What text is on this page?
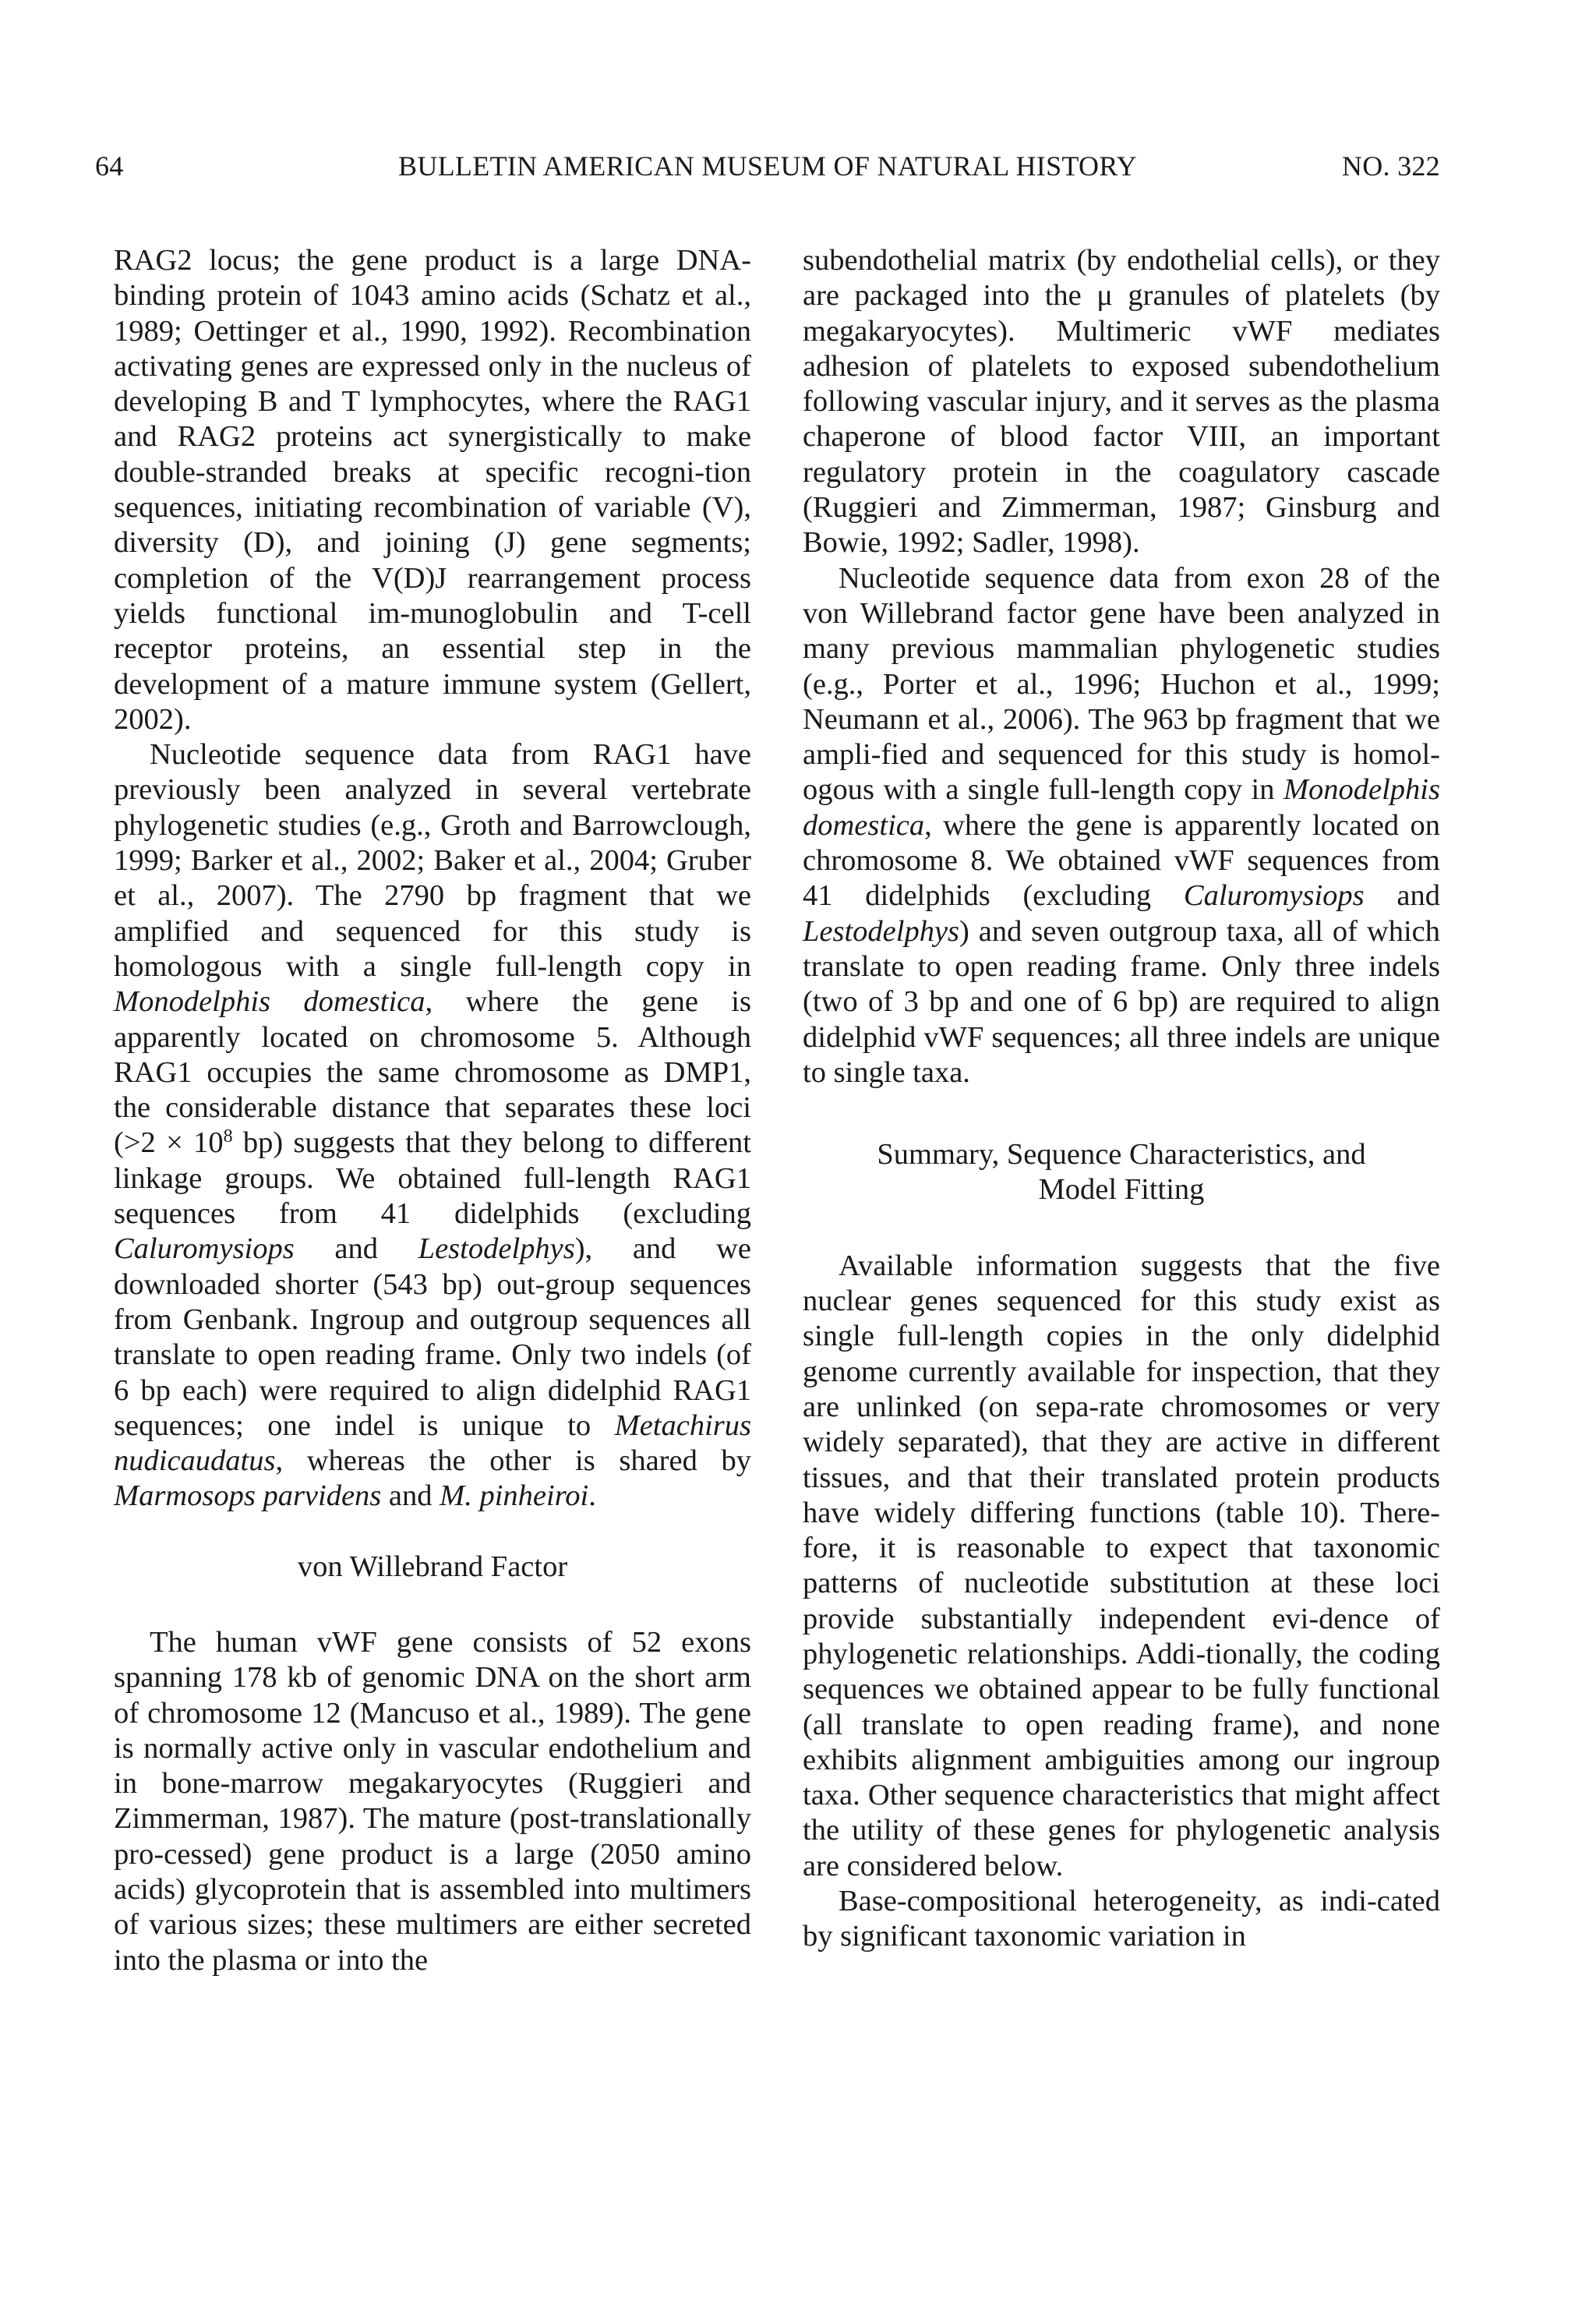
64	BULLETIN AMERICAN MUSEUM OF NATURAL HISTORY	NO. 322

RAG2 locus; the gene product is a large DNA-binding protein of 1043 amino acids (Schatz et al., 1989; Oettinger et al., 1990, 1992). Recombination activating genes are expressed only in the nucleus of developing B and T lymphocytes, where the RAG1 and RAG2 proteins act synergistically to make double-stranded breaks at specific recogni-tion sequences, initiating recombination of variable (V), diversity (D), and joining (J) gene segments; completion of the V(D)J rearrangement process yields functional im-munoglobulin and T-cell receptor proteins, an essential step in the development of a mature immune system (Gellert, 2002).

Nucleotide sequence data from RAG1 have previously been analyzed in several vertebrate phylogenetic studies (e.g., Groth and Barrowclough, 1999; Barker et al., 2002; Baker et al., 2004; Gruber et al., 2007). The 2790 bp fragment that we amplified and sequenced for this study is homologous with a single full-length copy in Monodelphis domestica, where the gene is apparently located on chromosome 5. Although RAG1 occupies the same chromosome as DMP1, the considerable distance that separates these loci ($>2 \times 10^8$ bp) suggests that they belong to different linkage groups. We obtained full-length RAG1 sequences from 41 didelphids (excluding Caluromysiops and Lestodelphys), and we downloaded shorter (543 bp) out-group sequences from Genbank. Ingroup and outgroup sequences all translate to open reading frame. Only two indels (of 6 bp each) were required to align didelphid RAG1 sequences; one indel is unique to Metachirus nudicaudatus, whereas the other is shared by Marmosops parvidens and M. pinheiroi.

von Willebrand Factor

The human vWF gene consists of 52 exons spanning 178 kb of genomic DNA on the short arm of chromosome 12 (Mancuso et al., 1989). The gene is normally active only in vascular endothelium and in bone-marrow megakaryocytes (Ruggieri and Zimmerman, 1987). The mature (post-translationally pro-cessed) gene product is a large (2050 amino acids) glycoprotein that is assembled into multimers of various sizes; these multimers are either secreted into the plasma or into the

subendothelial matrix (by endothelial cells), or they are packaged into the μ granules of platelets (by megakaryocytes). Multimeric vWF mediates adhesion of platelets to exposed subendothelium following vascular injury, and it serves as the plasma chaperone of blood factor VIII, an important regulatory protein in the coagulatory cascade (Ruggieri and Zimmerman, 1987; Ginsburg and Bowie, 1992; Sadler, 1998).

Nucleotide sequence data from exon 28 of the von Willebrand factor gene have been analyzed in many previous mammalian phylogenetic studies (e.g., Porter et al., 1996; Huchon et al., 1999; Neumann et al., 2006). The 963 bp fragment that we ampli-fied and sequenced for this study is homol-ogous with a single full-length copy in Monodelphis domestica, where the gene is apparently located on chromosome 8. We obtained vWF sequences from 41 didelphids (excluding Caluromysiops and Lestodelphys) and seven outgroup taxa, all of which translate to open reading frame. Only three indels (two of 3 bp and one of 6 bp) are required to align didelphid vWF sequences; all three indels are unique to single taxa.

Summary, Sequence Characteristics, and
Model Fitting

Available information suggests that the five nuclear genes sequenced for this study exist as single full-length copies in the only didelphid genome currently available for inspection, that they are unlinked (on sepa-rate chromosomes or very widely separated), that they are active in different tissues, and that their translated protein products have widely differing functions (table 10). There-fore, it is reasonable to expect that taxonomic patterns of nucleotide substitution at these loci provide substantially independent evi-dence of phylogenetic relationships. Addi-tionally, the coding sequences we obtained appear to be fully functional (all translate to open reading frame), and none exhibits alignment ambiguities among our ingroup taxa. Other sequence characteristics that might affect the utility of these genes for phylogenetic analysis are considered below.

Base-compositional heterogeneity, as indi-cated by significant taxonomic variation in
